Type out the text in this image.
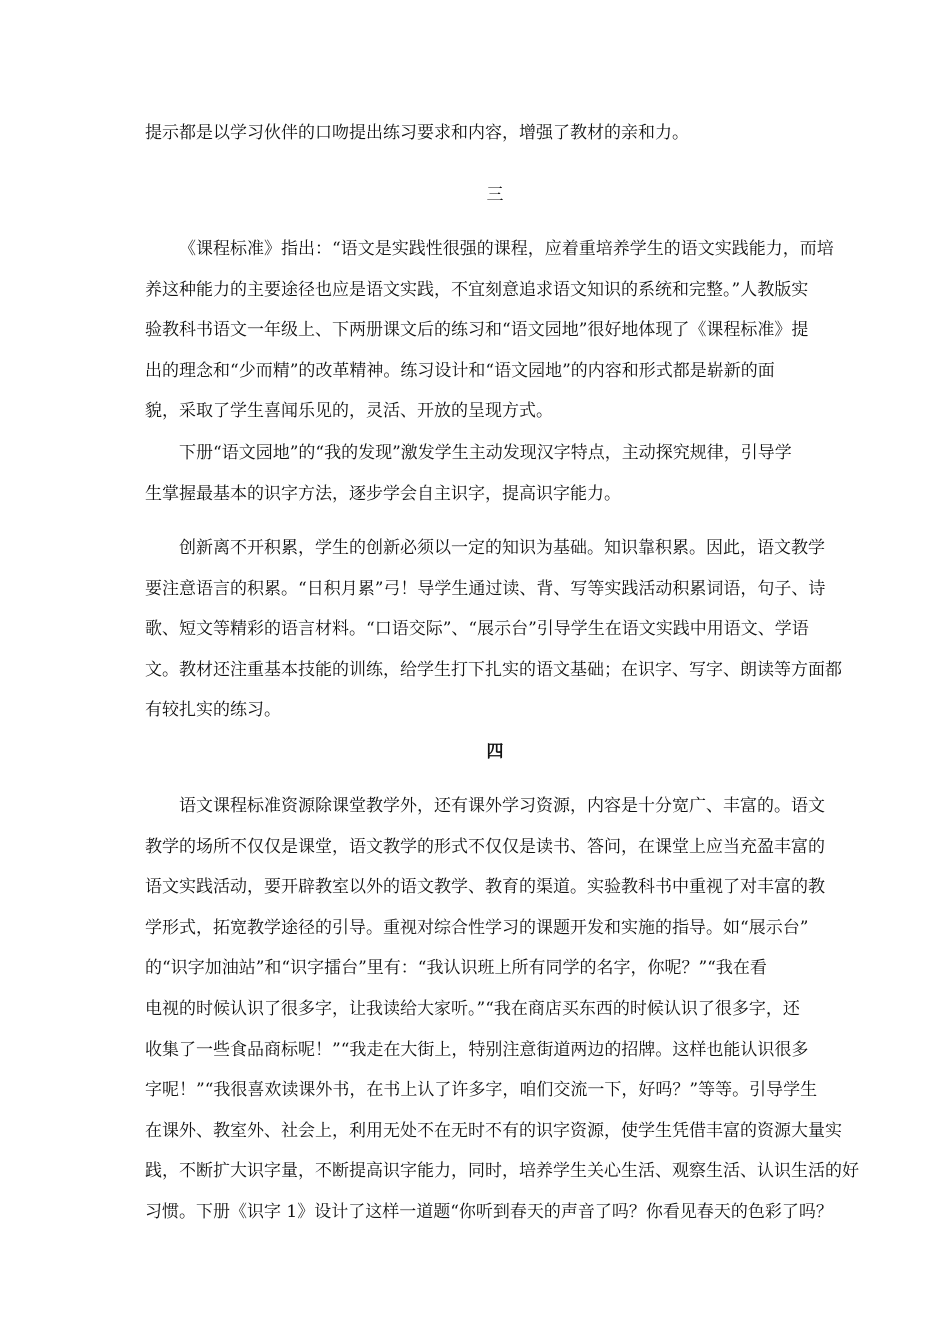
提示都是以学习伙伴的口吻提出练习要求和内容，增强了教材的亲和力。
三
《课程标准》指出：“语文是实践性很强的课程，应着重培养学生的语文实践能力，而培
养这种能力的主要途径也应是语文实践，不宜刻意追求语文知识的系统和完整。”人教版实
验教科书语文一年级上、下两册课文后的练习和“语文园地”很好地体现了《课程标准》提
出的理念和“少而精”的改革精神。练习设计和“语文园地”的内容和形式都是崭新的面
貌，采取了学生喜闻乐见的，灵活、开放的呈现方式。
下册“语文园地”的“我的发现”激发学生主动发现汉字特点，主动探究规律，引导学
生掌握最基本的识字方法，逐步学会自主识字，提高识字能力。
创新离不开积累，学生的创新必须以一定的知识为基础。知识靠积累。因此，语文教学
要注意语言的积累。“日积月累”弓！导学生通过读、背、写等实践活动积累词语，句子、诗
歌、短文等精彩的语言材料。“口语交际”、“展示台”引导学生在语文实践中用语文、学语
文。教材还注重基本技能的训练，给学生打下扎实的语文基础；在识字、写字、朗读等方面都
有较扎实的练习。
四
语文课程标准资源除课堂教学外，还有课外学习资源，内容是十分宽广、丰富的。语文
教学的场所不仅仅是课堂，语文教学的形式不仅仅是读书、答问，在课堂上应当充盈丰富的
语文实践活动，要开辟教室以外的语文教学、教育的渠道。实验教科书中重视了对丰富的教
学形式，拓宽教学途径的引导。重视对综合性学习的课题开发和实施的指导。如“展示台”
的“识字加油站”和“识字擂台”里有：“我认识班上所有同学的名字，你呢？”“我在看
电视的时候认识了很多字，让我读给大家听。”“我在商店买东西的时候认识了很多字，还
收集了一些食品商标呢！”“我走在大街上，特别注意街道两边的招牌。这样也能认识很多
字呢！”“我很喜欢读课外书，在书上认了许多字，咱们交流一下，好吗？”等等。引导学生
在课外、教室外、社会上，利用无处不在无时不有的识字资源，使学生凭借丰富的资源大量实
践，不断扩大识字量，不断提高识字能力，同时，培养学生关心生活、观察生活、认识生活的好
习惯。下册《识字 1》设计了这样一道题“你听到春天的声音了吗？你看见春天的色彩了吗？
